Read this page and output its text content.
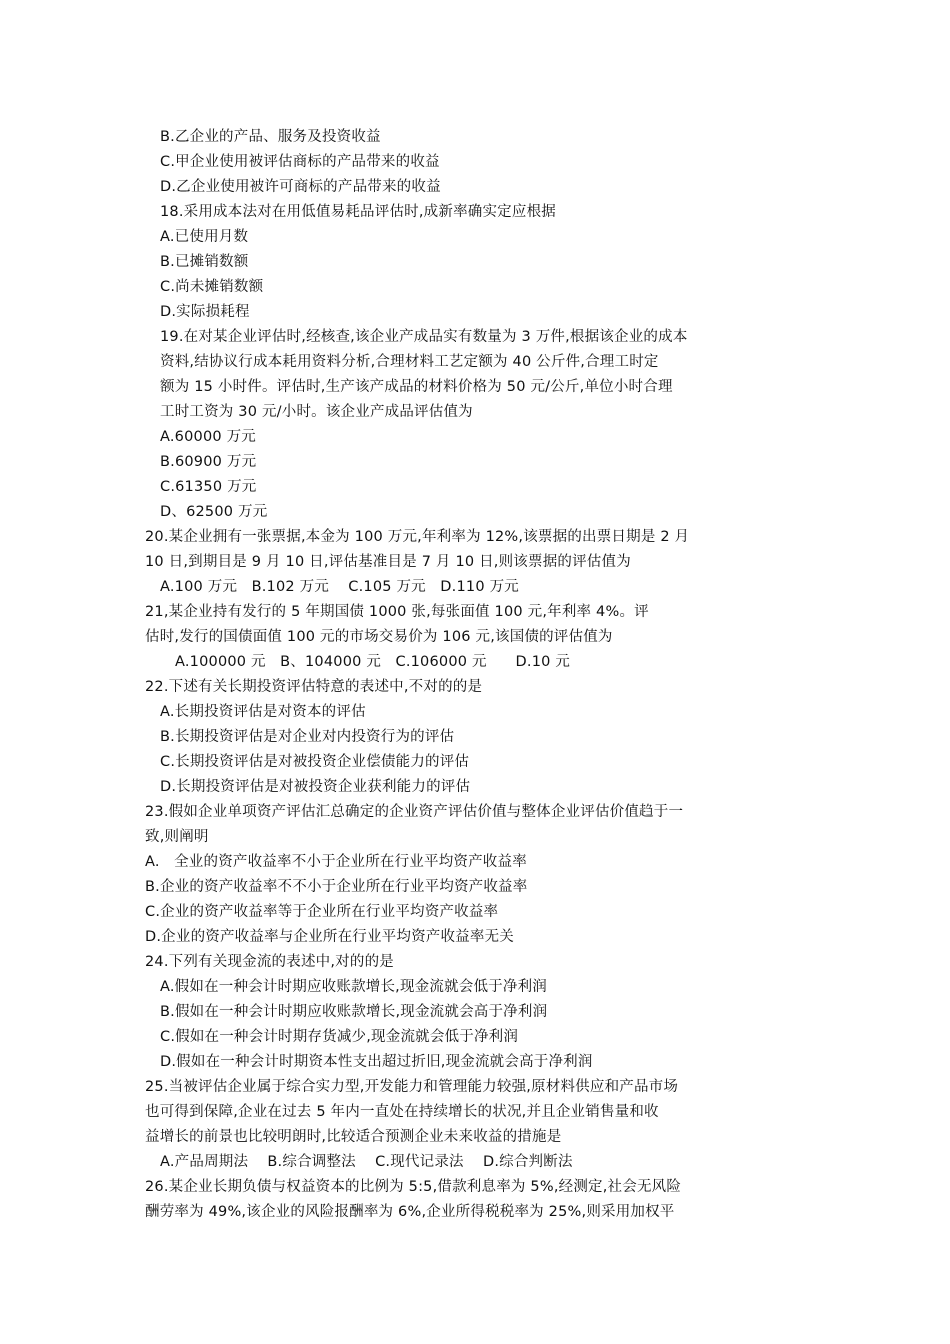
B.乙企业的产品、服务及投资收益
C.甲企业使用被评估商标的产品带来的收益
D.乙企业使用被许可商标的产品带来的收益
18.采用成本法对在用低值易耗品评估时,成新率确实定应根据
A.已使用月数
B.已摊销数额
C.尚未摊销数额
D.实际损耗程
19.在对某企业评估时,经核查,该企业产成品实有数量为 3 万件,根据该企业的成本
资料,结协议行成本耗用资料分析,合理材料工艺定额为 40 公斤件,合理工时定
额为 15 小时件。评估时,生产该产成品的材料价格为 50 元/公斤,单位小时合理
工时工资为 30 元/小时。该企业产成品评估值为
A.60000 万元
B.60900 万元
C.61350 万元
D、62500 万元
20.某企业拥有一张票据,本金为 100 万元,年利率为 12%,该票据的出票日期是 2 月
10 日,到期目是 9 月 10 日,评估基准目是 7 月 10 日,则该票据的评估值为
A.100 万元   B.102 万元    C.105 万元   D.110 万元
21,某企业持有发行的 5 年期国债 1000 张,每张面值 100 元,年利率 4%。评
估时,发行的国债面值 100 元的市场交易价为 106 元,该国债的评估值为
A.100000 元   B、104000 元   C.106000 元      D.10 元
22.下述有关长期投资评估特意的表述中,不对的的是
A.长期投资评估是对资本的评估
B.长期投资评估是对企业对内投资行为的评估
C.长期投资评估是对被投资企业偿债能力的评估
D.长期投资评估是对被投资企业获利能力的评估
23.假如企业单项资产评估汇总确定的企业资产评估价值与整体企业评估价值趋于一
致,则阐明
A.   全业的资产收益率不小于企业所在行业平均资产收益率
B.企业的资产收益率不不小于企业所在行业平均资产收益率
C.企业的资产收益率等于企业所在行业平均资产收益率
D.企业的资产收益率与企业所在行业平均资产收益率无关
24.下列有关现金流的表述中,对的的是
A.假如在一种会计时期应收账款增长,现金流就会低于净利润
B.假如在一种会计时期应收账款增长,现金流就会高于净利润
C.假如在一种会计时期存货减少,现金流就会低于净利润
D.假如在一种会计时期资本性支出超过折旧,现金流就会高于净利润
25.当被评估企业属于综合实力型,开发能力和管理能力较强,原材料供应和产品市场
也可得到保障,企业在过去 5 年内一直处在持续增长的状况,并且企业销售量和收
益增长的前景也比较明朗时,比较适合预测企业未来收益的措施是
A.产品周期法    B.综合调整法    C.现代记录法    D.综合判断法
26.某企业长期负债与权益资本的比例为 5:5,借款利息率为 5%,经测定,社会无风险
酬劳率为 49%,该企业的风险报酬率为 6%,企业所得税税率为 25%,则采用加权平
